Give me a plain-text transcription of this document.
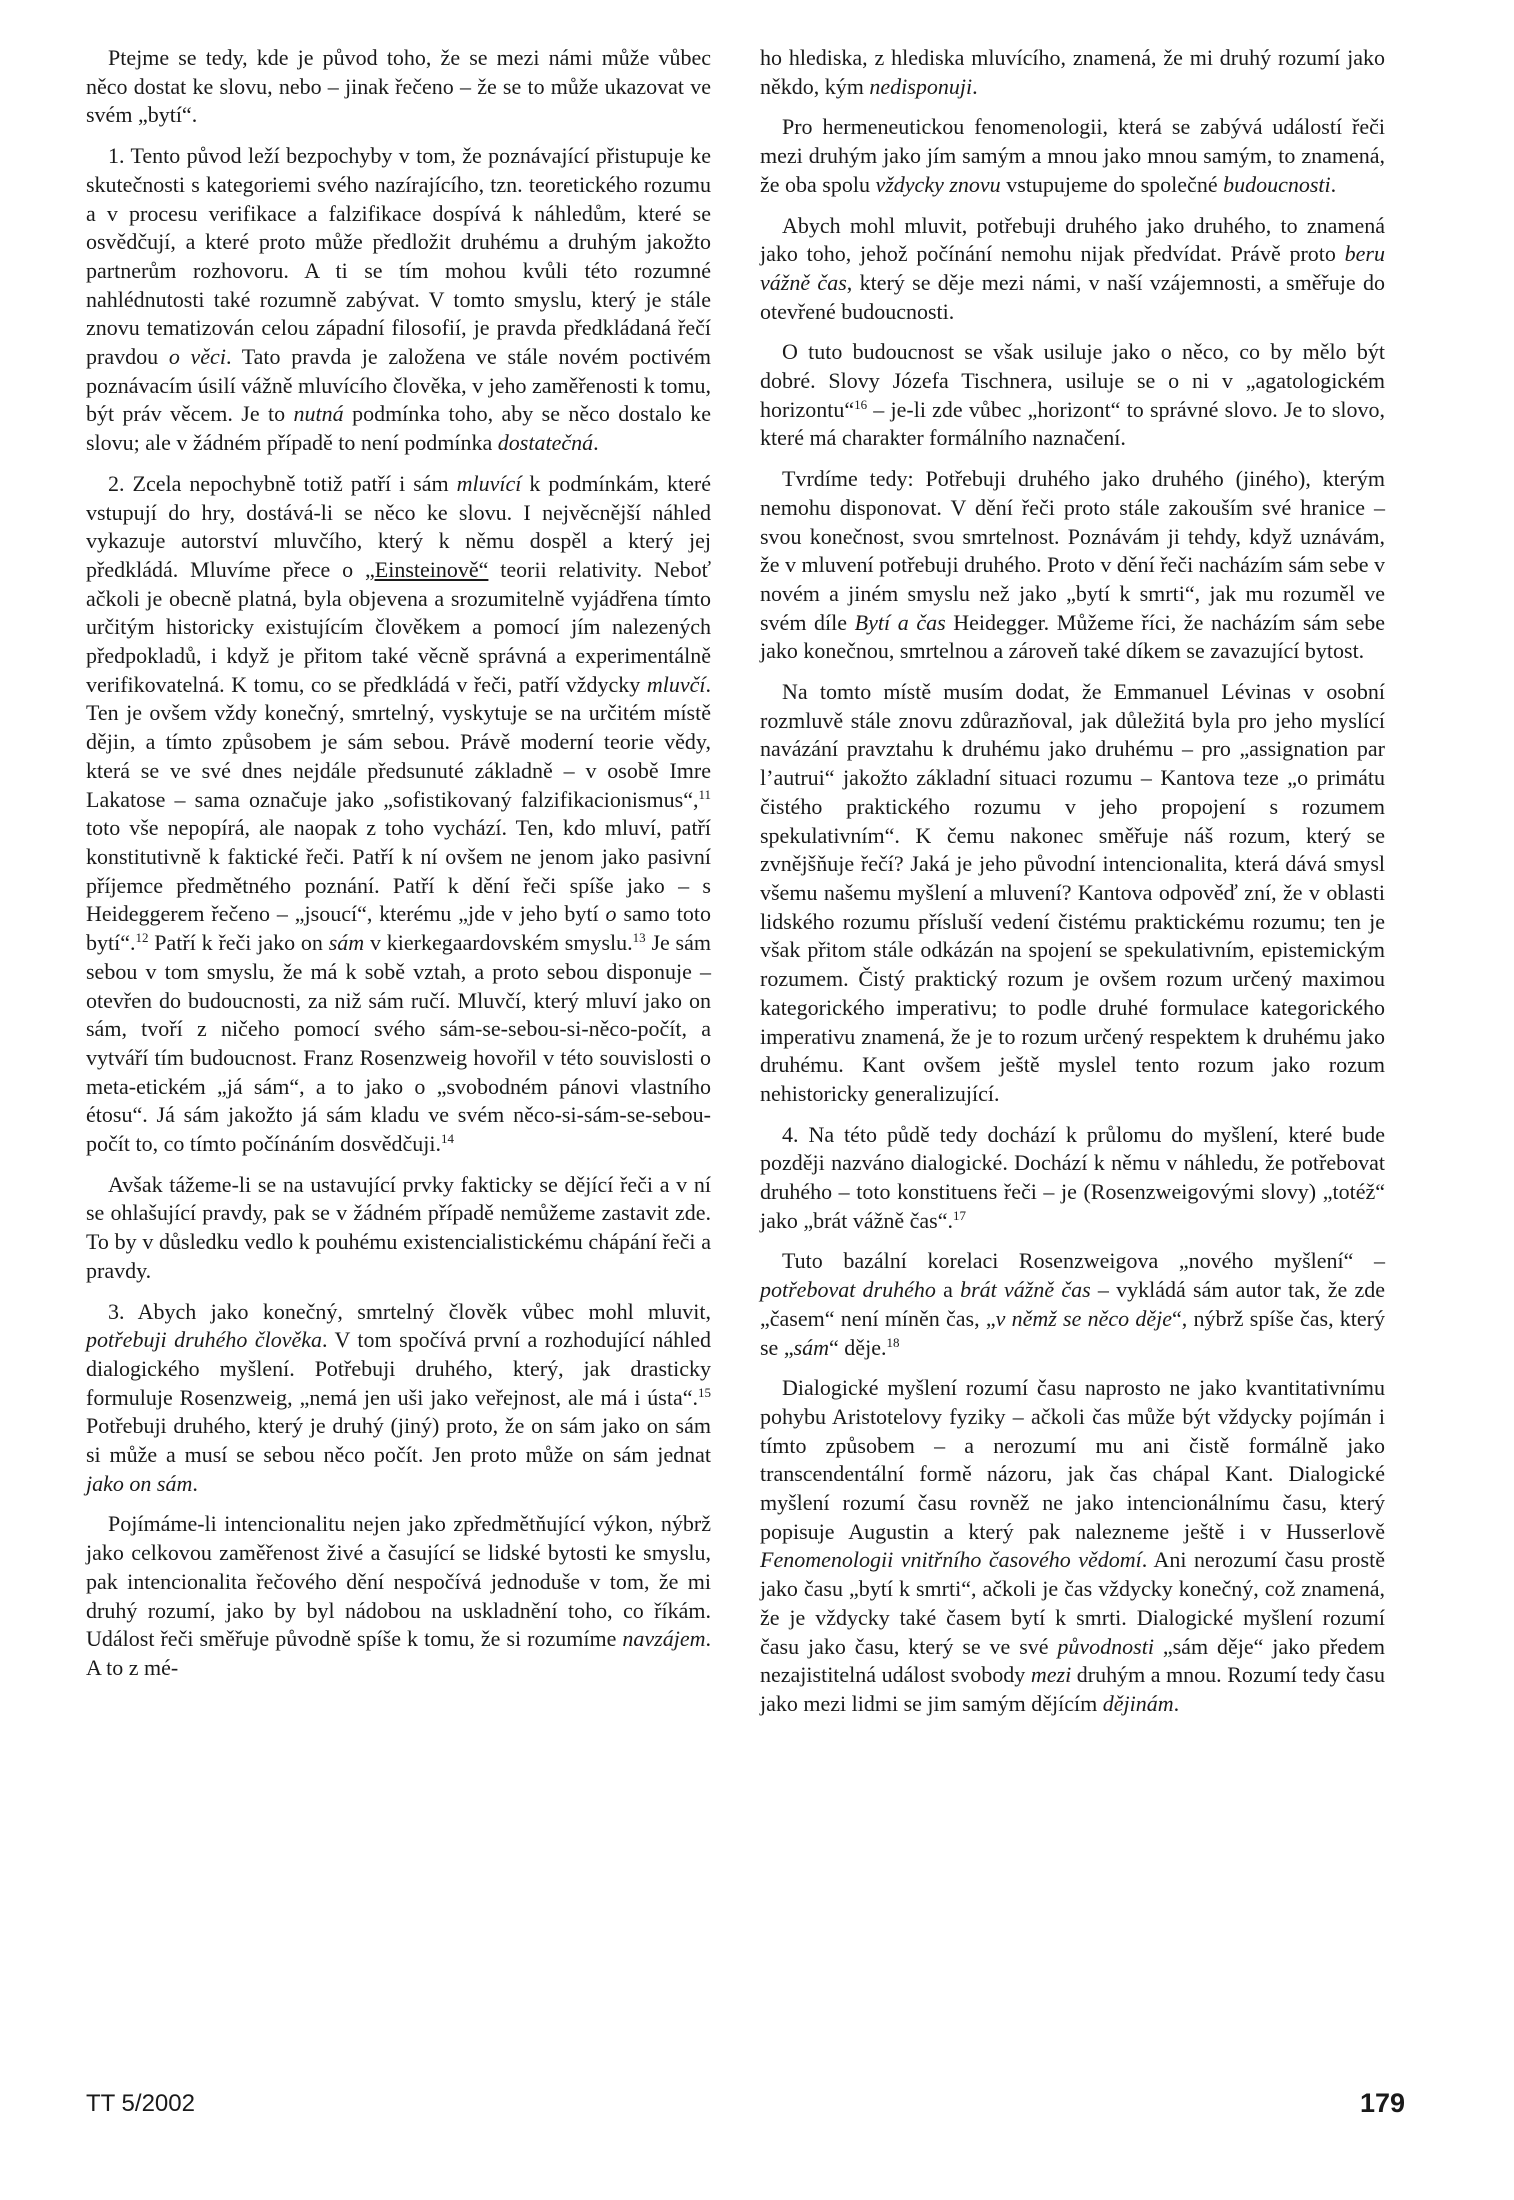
Ptejme se tedy, kde je původ toho, že se mezi námi může vůbec něco dostat ke slovu, nebo – jinak řečeno – že se to může ukazovat ve svém „bytí“.

1. Tento původ leží bezpochyby v tom, že poznávající přistupuje ke skutečnosti s kategoriemi svého nazírajícího, tzn. teoretického rozumu a v procesu verifikace a falzifikace dospívá k náhledům, které se osvědčují, a které proto může předložit druhému a druhým jakožto partnerům rozhovoru. A ti se tím mohou kvůli této rozumné nahlédnutosti také rozumně zabývat. V tomto smyslu, který je stále znovu tematizován celou západní filosofií, je pravda předkládaná řečí pravdou o věci. Tato pravda je založena ve stále novém poctivém poznávacím úsilí vážně mluvícího člověka, v jeho zaměřenosti k tomu, být práv věcem. Je to nutná podmínka toho, aby se něco dostalo ke slovu; ale v žádném případě to není podmínka dostatečná.

2. Zcela nepochybně totiž patří i sám mluvící k podmínkám, které vstupují do hry, dostává-li se něco ke slovu. I nejvěcnější náhled vykazuje autorství mluvčího, který k němu dospěl a který jej předkládá. Mluvíme přece o „Einsteinově“ teorii relativity. Neboť ačkoli je obecně platná, byla objevena a srozumitelně vyjádřena tímto určitým historicky existujícím člověkem a pomocí jím nalezených předpokladů, i když je přitom také věcně správná a experimentálně verifikovatelná. K tomu, co se předkládá v řeči, patří vždycky mluvčí. Ten je ovšem vždy konečný, smrtelný, vyskytuje se na určitém místě dějin, a tímto způsobem je sám sebou. Právě moderní teorie vědy, která se ve své dnes nejdále předsunuté základně – v osobě Imre Lakatose – sama označuje jako „sofistikovaný falzifikacionismus“,$^{11}$ toto vše nepopírá, ale naopak z toho vychází. Ten, kdo mluví, patří konstitutivně k faktické řeči. Patří k ní ovšem ne jenom jako pasivní příjemce předmětného poznání. Patří k dění řeči spíše jako – s Heideggerem řečeno – „jsoucí“, kterému „jde v jeho bytí o samo toto bytí“.$^{12}$ Patří k řeči jako on sám v kierkegaardovském smyslu.$^{13}$ Je sám sebou v tom smyslu, že má k sobě vztah, a proto sebou disponuje – otevřen do budoucnosti, za niž sám ručí. Mluvčí, který mluví jako on sám, tvoří z ničeho pomocí svého sám-se-sebou-si-něco-počít, a vytváří tím budoucnost. Franz Rosenzweig hovořil v této souvislosti o meta-etickém „já sám“, a to jako o „svobodném pánovi vlastního étosu“. Já sám jakožto já sám kladu ve svém něco-si-sám-se-sebou-počít to, co tímto počínáním dosvědčuji.$^{14}$

Avšak tážeme-li se na ustavující prvky fakticky se dějící řeči a v ní se ohlašující pravdy, pak se v žádném případě nemůžeme zastavit zde. To by v důsledku vedlo k pouhému existencialistickému chápání řeči a pravdy.

3. Abych jako konečný, smrtelný člověk vůbec mohl mluvit, potřebuji druhého člověka. V tom spočívá první a rozhodující náhled dialogického myšlení. Potřebuji druhého, který, jak drasticky formuluje Rosenzweig, „nemá jen uši jako veřejnost, ale má i ústa“.$^{15}$ Potřebuji druhého, který je druhý (jiný) proto, že on sám jako on sám si může a musí se sebou něco počít. Jen proto může on sám jednat jako on sám.

Pojímáme-li intencionalitu nejen jako zpředmětňující výkon, nýbrž jako celkovou zaměřenost živé a časující se lidské bytosti ke smyslu, pak intencionalita řečového dění nespočívá jednoduše v tom, že mi druhý rozumí, jako by byl nádobou na uskladnění toho, co říkám. Událost řeči směřuje původně spíše k tomu, že si rozumíme navzájem. A to z mé-

ho hlediska, z hlediska mluvícího, znamená, že mi druhý rozumí jako někdo, kým nedisponuji.

Pro hermeneutickou fenomenologii, která se zabývá událostí řeči mezi druhým jako jím samým a mnou jako mnou samým, to znamená, že oba spolu vždycky znovu vstupujeme do společné budoucnosti.

Abych mohl mluvit, potřebuji druhého jako druhého, to znamená jako toho, jehož počínání nemohu nijak předvídat. Právě proto beru vážně čas, který se děje mezi námi, v naší vzájemnosti, a směřuje do otevřené budoucnosti.

O tuto budoucnost se však usiluje jako o něco, co by mělo být dobré. Slovy Józefa Tischnera, usiluje se o ni v „agatologickém horizontu“$^{16}$ – je-li zde vůbec „horizont“ to správné slovo. Je to slovo, které má charakter formálního naznačení.

Tvrdíme tedy: Potřebuji druhého jako druhého (jiného), kterým nemohu disponovat. V dění řeči proto stále zakouším své hranice – svou konečnost, svou smrtelnost. Poznávám ji tehdy, když uznávám, že v mluvení potřebuji druhého. Proto v dění řeči nacházím sám sebe v novém a jiném smyslu než jako „bytí k smrti“, jak mu rozuměl ve svém díle Bytí a čas Heidegger. Můžeme říci, že nacházím sám sebe jako konečnou, smrtelnou a zároveň také díkem se zavazující bytost.

Na tomto místě musím dodat, že Emmanuel Lévinas v osobní rozmluvě stále znovu zdůrazňoval, jak důležitá byla pro jeho myslící navázání pravztahu k druhému jako druhému – pro „assignation par l’autrui“ jakožto základní situaci rozumu – Kantova teze „o primátu čistého praktického rozumu v jeho propojení s rozumem spekulativním“. K čemu nakonec směřuje náš rozum, který se zvnějšňuje řečí? Jaká je jeho původní intencionalita, která dává smysl všemu našemu myšlení a mluvení? Kantova odpověď zní, že v oblasti lidského rozumu přísluší vedení čistému praktickému rozumu; ten je však přitom stále odkázán na spojení se spekulativním, epistemickým rozumem. Čistý praktický rozum je ovšem rozum určený maximou kategorického imperativu; to podle druhé formulace kategorického imperativu znamená, že je to rozum určený respektem k druhému jako druhému. Kant ovšem ještě myslel tento rozum jako rozum nehistoricky generalizující.

4. Na této půdě tedy dochází k průlomu do myšlení, které bude později nazváno dialogické. Dochází k němu v náhledu, že potřebovat druhého – toto konstituens řeči – je (Rosenzweigovými slovy) „totéž“ jako „brát vážně čas“.$^{17}$

Tuto bazální korelaci Rosenzweigova „nového myšlení“ – potřebovat druhého a brát vážně čas – vykládá sám autor tak, že zde „časem“ není míněn čas, „v němž se něco děje“, nýbrž spíše čas, který se „sám“ děje.$^{18}$

Dialogické myšlení rozumí času naprosto ne jako kvantitativnímu pohybu Aristotelovy fyziky – ačkoli čas může být vždycky pojímán i tímto způsobem – a nerozumí mu ani čistě formálně jako transcendentální formě názoru, jak čas chápal Kant. Dialogické myšlení rozumí času rovněž ne jako intencionálnímu času, který popisuje Augustin a který pak nalezneme ještě i v Husserlově Fenomenologii vnitřního časového vědomí. Ani nerozumí času prostě jako času „bytí k smrti“, ačkoli je čas vždycky konečný, což znamená, že je vždycky také časem bytí k smrti. Dialogické myšlení rozumí času jako času, který se ve své původnosti „sám děje“ jako předem nezajistitelná událost svobody mezi druhým a mnou. Rozumí tedy času jako mezi lidmi se jim samým dějícím dějinám.

TT 5/2002	179
